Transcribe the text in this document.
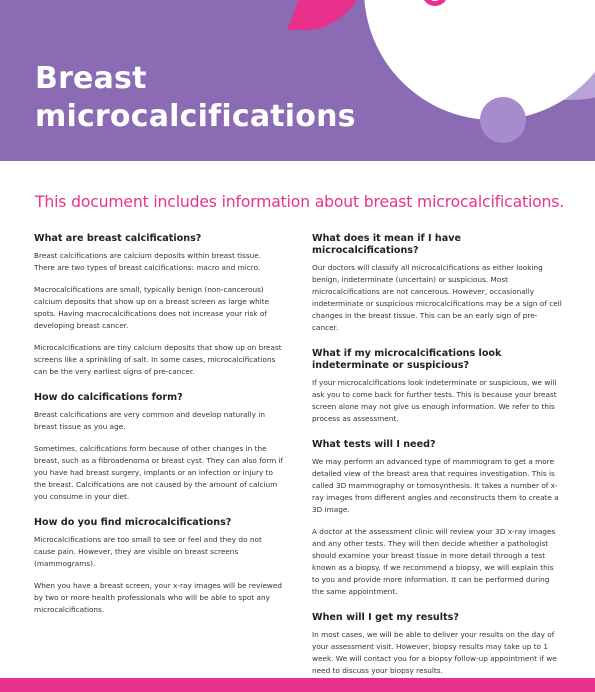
Breast
microcalcifications
This document includes information about breast microcalcifications.
What are breast calcifications?

Breast calcifications are calcium deposits within breast tissue. There are two types of breast calcifications: macro and micro.

Macrocalcifications are small, typically benign (non-cancerous) calcium deposits that show up on a breast screen as large white spots. Having macrocalcifications does not increase your risk of developing breast cancer.

Microcalcifications are tiny calcium deposits that show up on breast screens like a sprinkling of salt. In some cases, microcalcifications can be the very earliest signs of pre-cancer.

How do calcifications form?

Breast calcifications are very common and develop naturally in breast tissue as you age.

Sometimes, calcifications form because of other changes in the breast, such as a fibroadenoma or breast cyst. They can also form if you have had breast surgery, implants or an infection or injury to the breast. Calcifications are not caused by the amount of calcium you consume in your diet.

How do you find microcalcifications?

Microcalcifications are too small to see or feel and they do not cause pain. However, they are visible on breast screens (mammograms).

When you have a breast screen, your x-ray images will be reviewed by two or more health professionals who will be able to spot any microcalcifications.

What does it mean if I have microcalcifications?

Our doctors will classify all microcalcifications as either looking benign, indeterminate (uncertain) or suspicious. Most microcalcifications are not cancerous. However, occasionally indeterminate or suspicious microcalcifications may be a sign of cell changes in the breast tissue. This can be an early sign of pre-cancer.

What if my microcalcifications look indeterminate or suspicious?

If your microcalcifications look indeterminate or suspicious, we will ask you to come back for further tests. This is because your breast screen alone may not give us enough information. We refer to this process as assessment.

What tests will I need?

We may perform an advanced type of mammogram to get a more detailed view of the breast area that requires investigation. This is called 3D mammography or tomosynthesis. It takes a number of x-ray images from different angles and reconstructs them to create a 3D image.

A doctor at the assessment clinic will review your 3D x-ray images and any other tests. They will then decide whether a pathologist should examine your breast tissue in more detail through a test known as a biopsy. If we recommend a biopsy, we will explain this to you and provide more information. It can be performed during the same appointment.

When will I get my results?

In most cases, we will be able to deliver your results on the day of your assessment visit. However, biopsy results may take up to 1 week. We will contact you for a biopsy follow-up appointment if we need to discuss your biopsy results.
